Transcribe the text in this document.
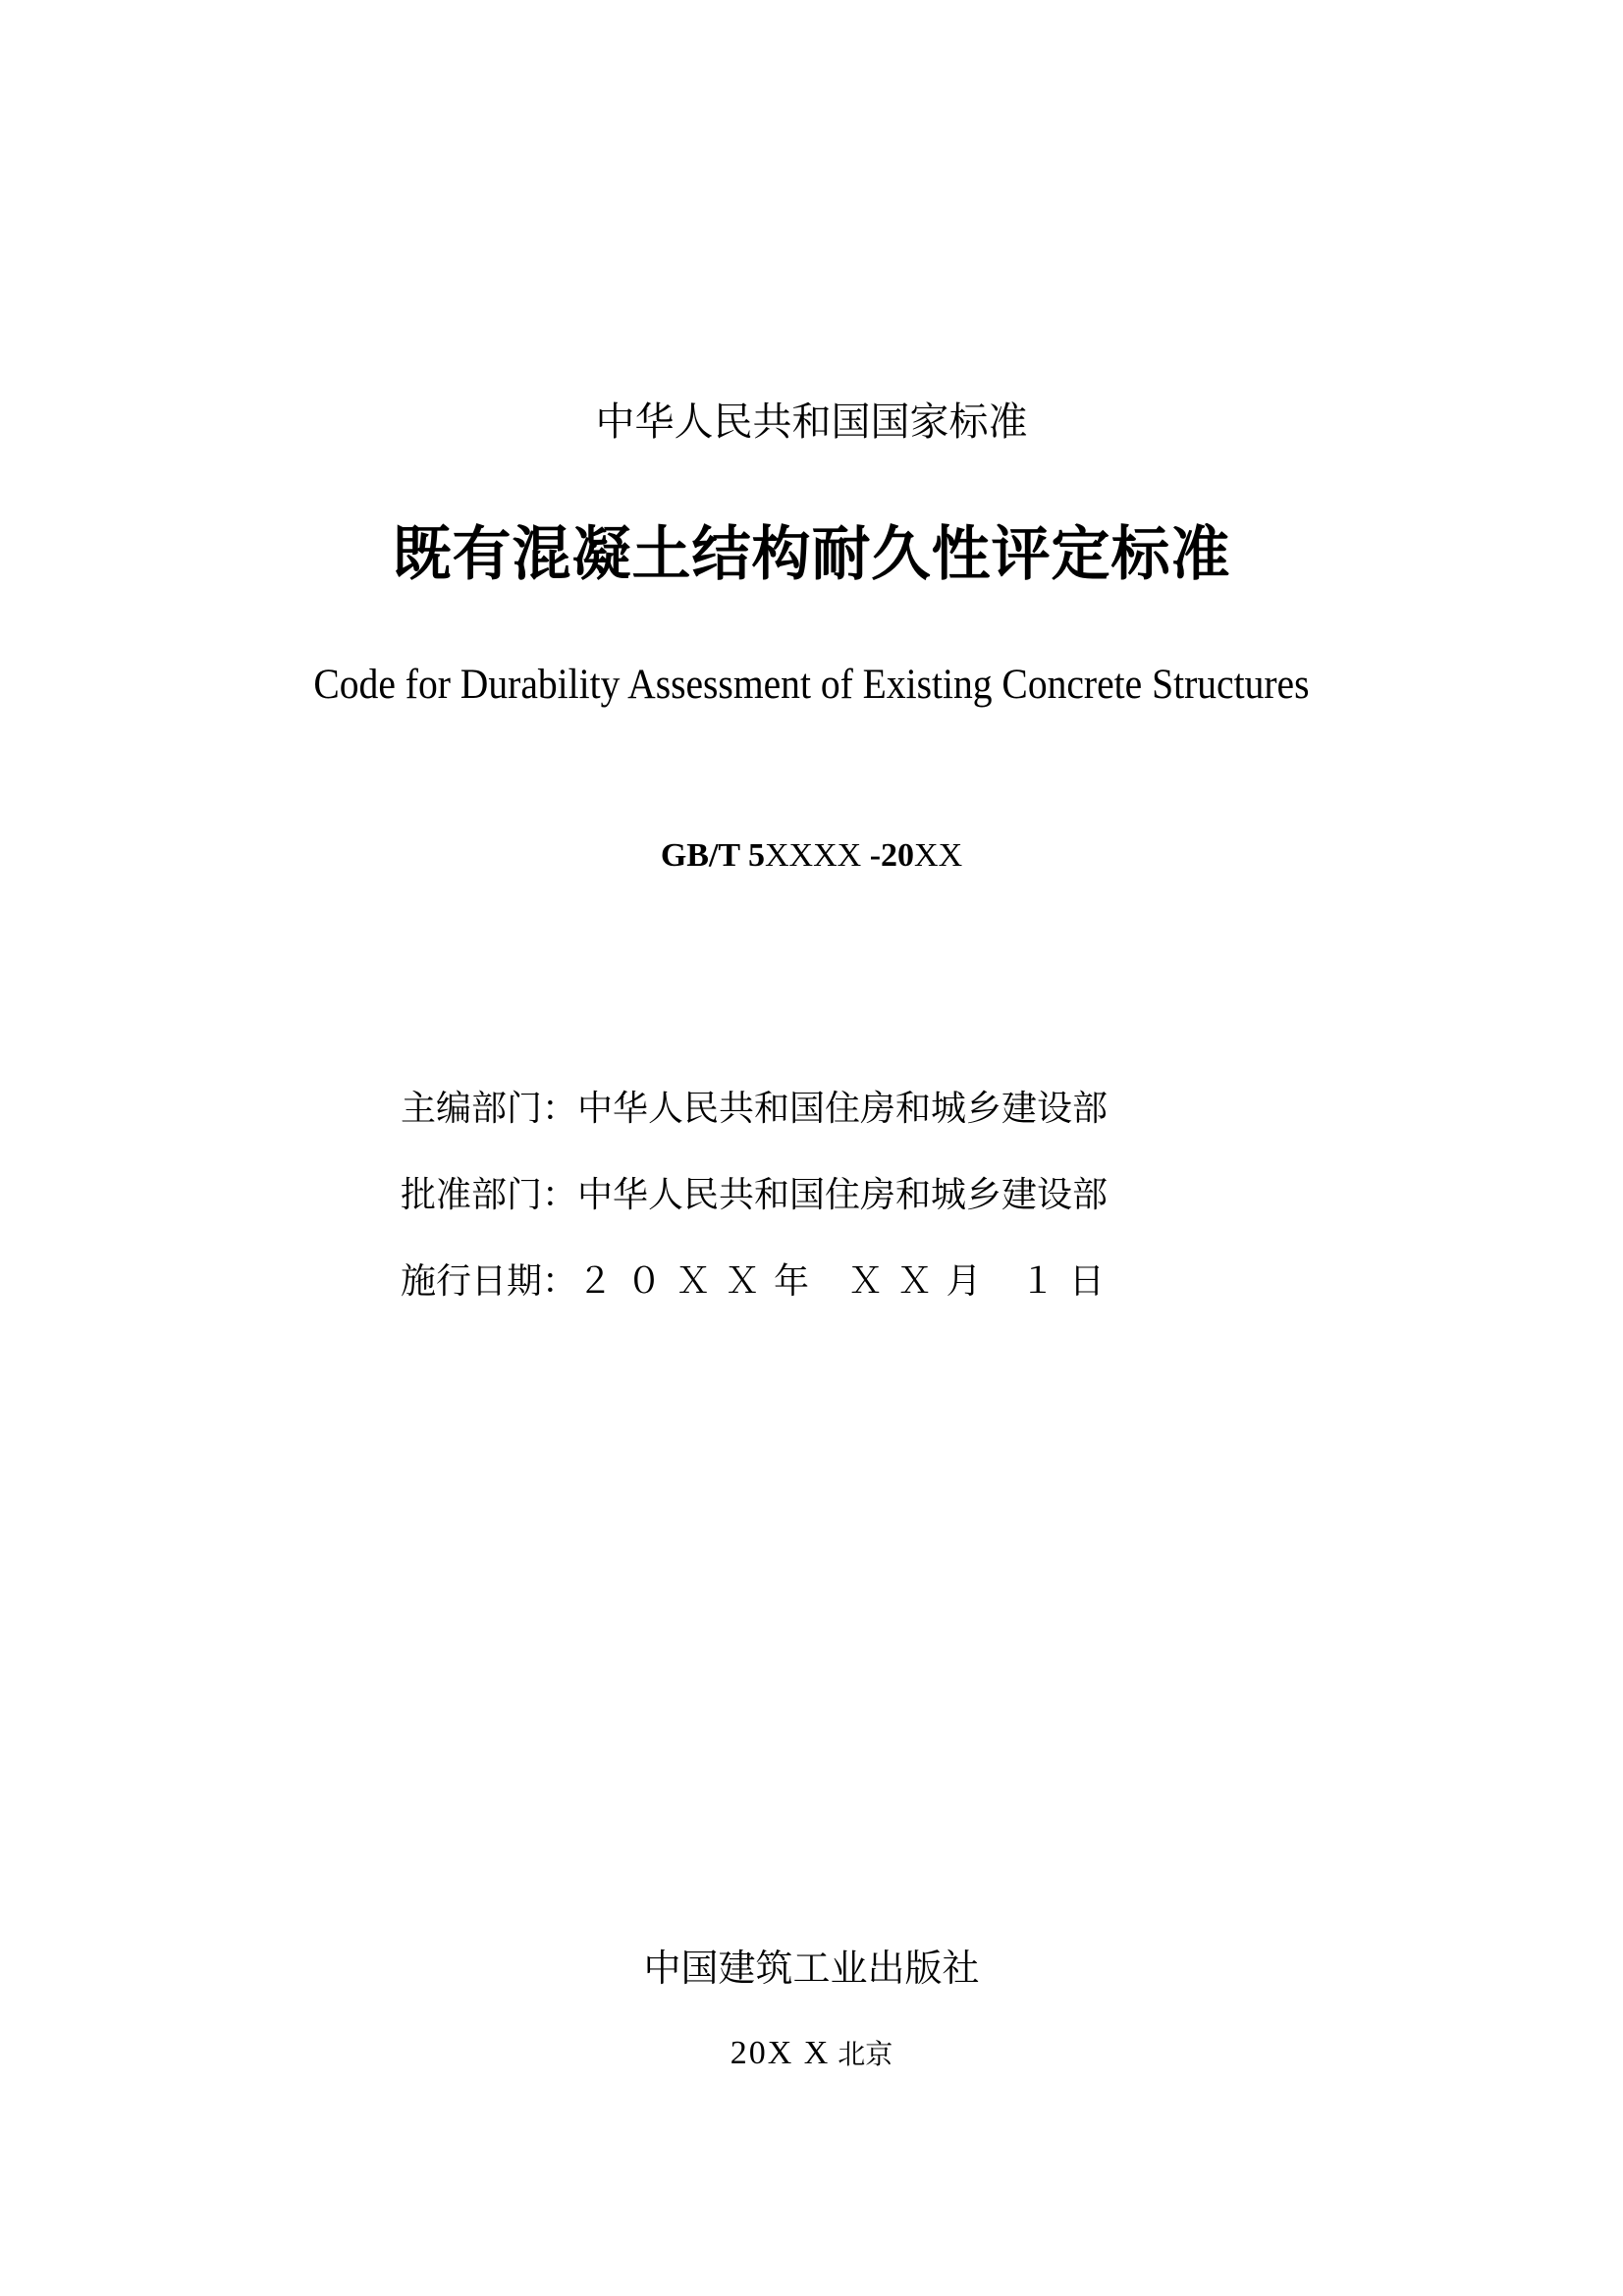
中华人民共和国国家标准
既有混凝土结构耐久性评定标准
Code for Durability Assessment of Existing Concrete Structures
GB/T 5XXXX -20XX
主编部门：中华人民共和国住房和城乡建设部
批准部门：中华人民共和国住房和城乡建设部
施行日期：２０ＸＸ年 ＸＸ月 １日
中国建筑工业出版社
20X X 北京
